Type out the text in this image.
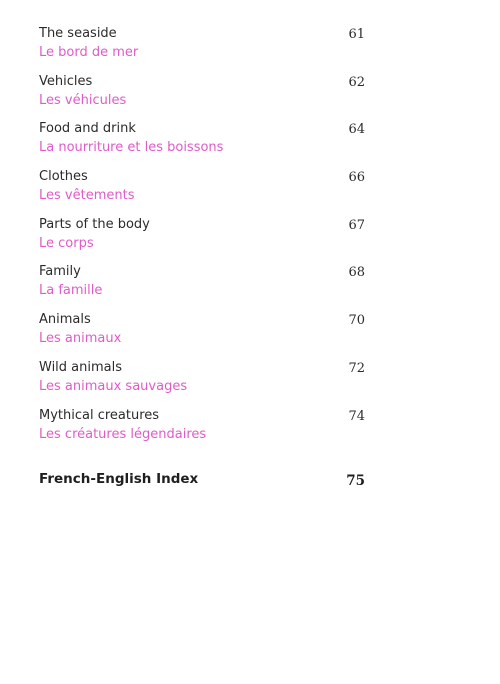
The seaside
Le bord de mer
61
Vehicles
Les véhicules
62
Food and drink
La nourriture et les boissons
64
Clothes
Les vêtements
66
Parts of the body
Le corps
67
Family
La famille
68
Animals
Les animaux
70
Wild animals
Les animaux sauvages
72
Mythical creatures
Les créatures légendaires
74
French-English Index	75
